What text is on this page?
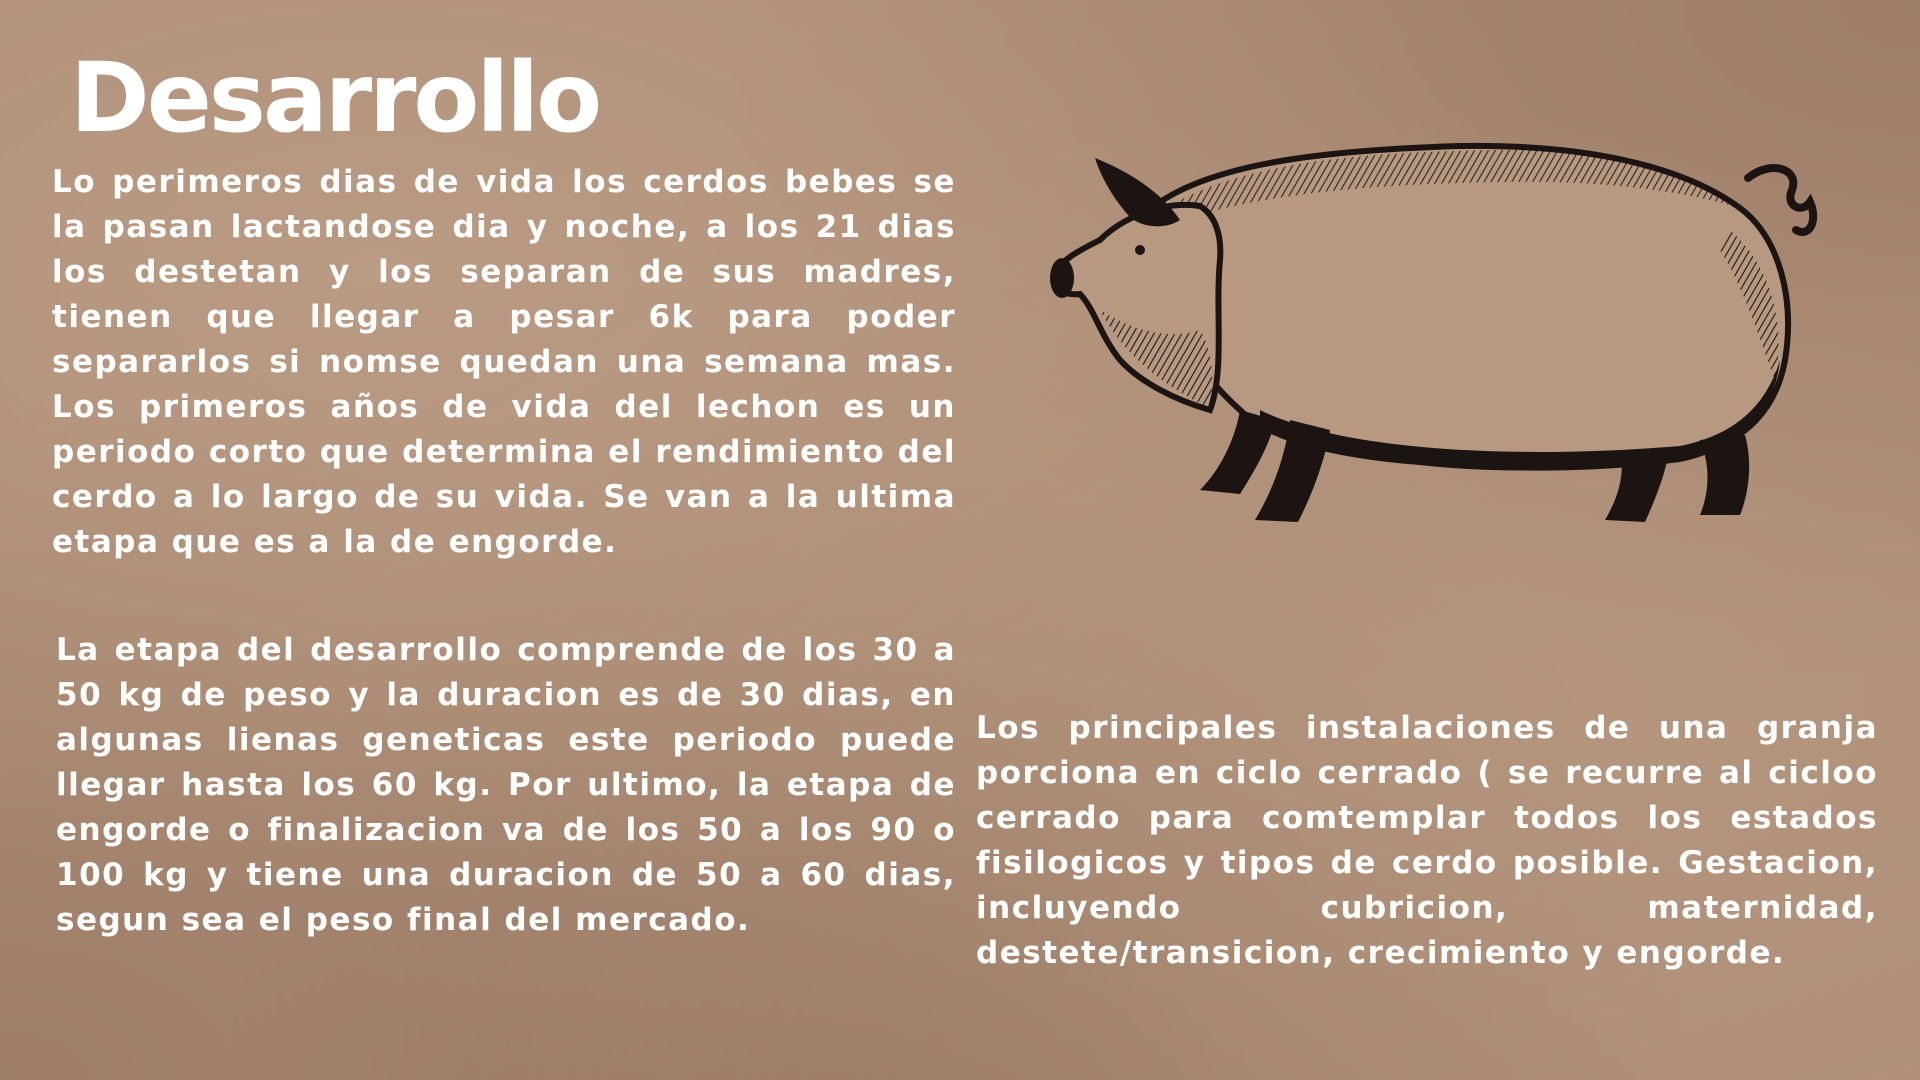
Desarrollo

Lo perimeros dias de vida los cerdos bebes se la pasan lactandose dia y noche, a los 21 dias los destetan y los separan de sus madres, tienen que llegar a pesar 6k para poder separarlos si nomse quedan una semana mas. Los primeros años de vida del lechon es un periodo corto que determina el rendimiento del cerdo a lo largo de su vida. Se van a la ultima etapa que es a la de engorde.

La etapa del desarrollo comprende de los 30 a 50 kg de peso y la duracion es de 30 dias, en algunas lienas geneticas este periodo puede llegar hasta los 60 kg. Por ultimo, la etapa de engorde o finalizacion va de los 50 a los 90 o 100 kg y tiene una duracion de 50 a 60 dias, segun sea el peso final del mercado.

Los principales instalaciones de una granja porciona en ciclo cerrado ( se recurre al cicloo cerrado para comtemplar todos los estados fisilogicos y tipos de cerdo posible. Gestacion, incluyendo cubricion, maternidad, destete/transicion, crecimiento y engorde.
